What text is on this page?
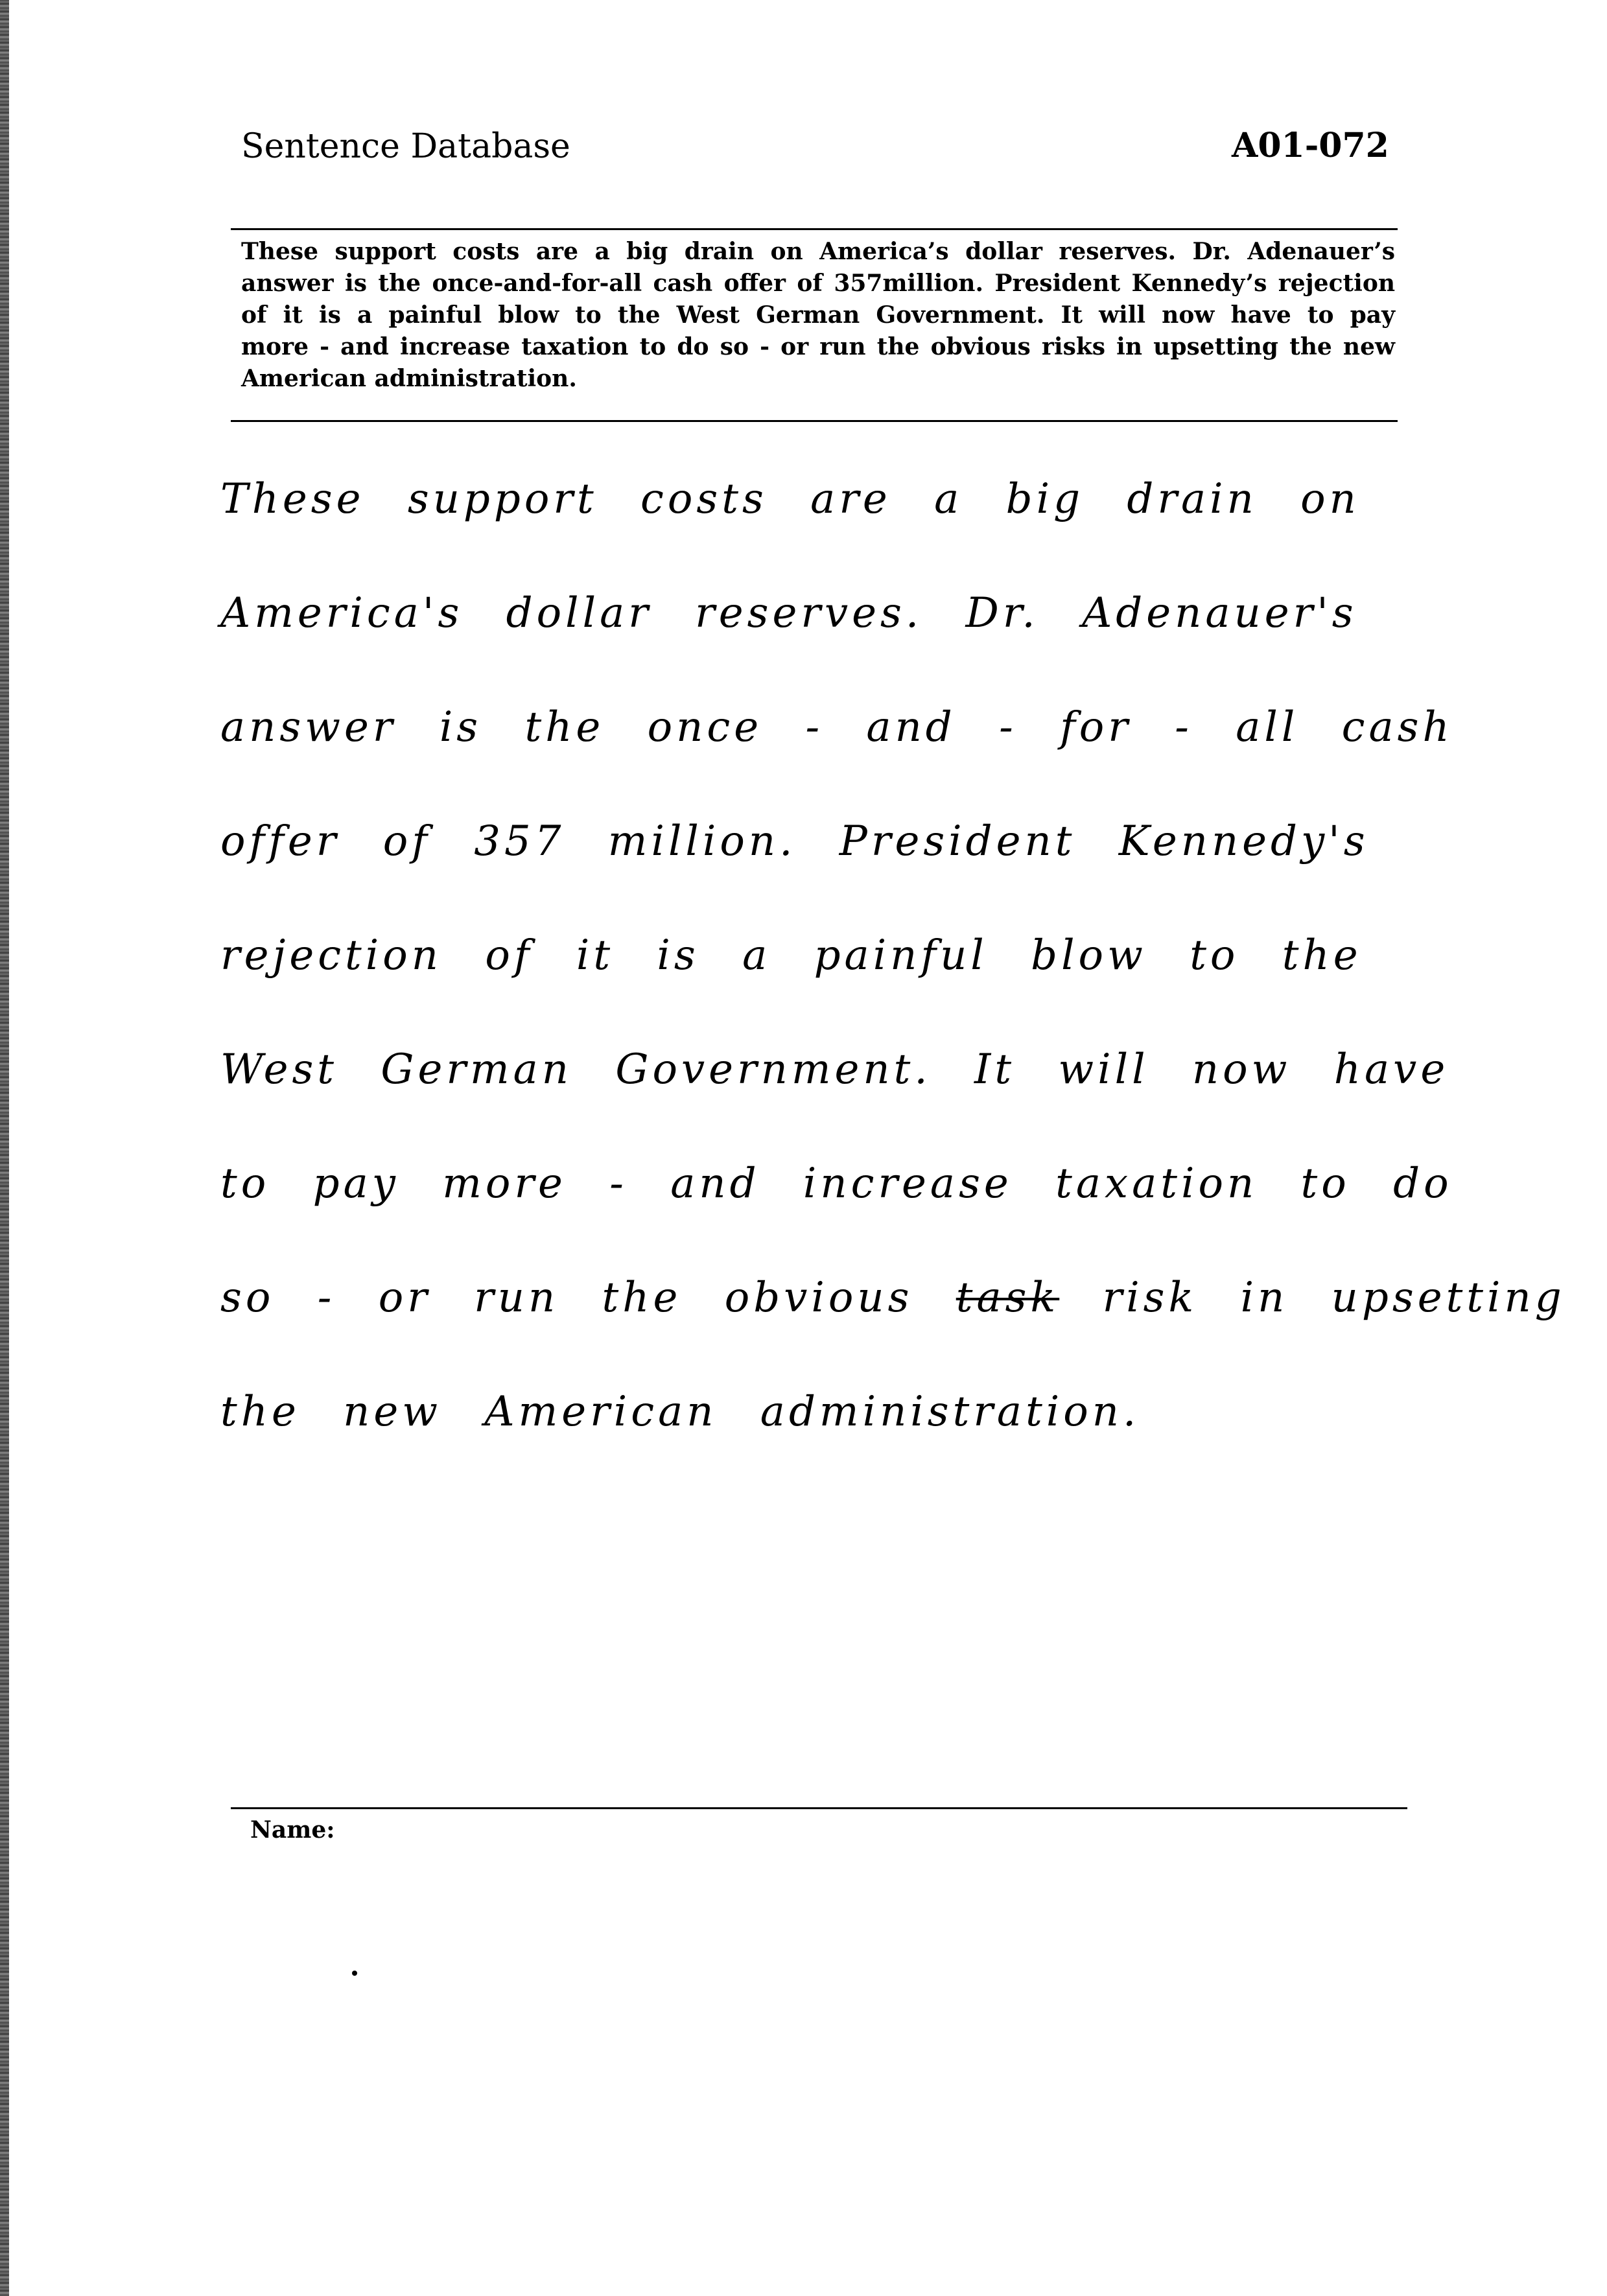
Sentence Database	A01-072
These support costs are a big drain on America’s dollar reserves. Dr. Adenauer’s
answer is the once-and-for-all cash offer of 357million. President Kennedy’s rejection
of it is a painful blow to the West German Government. It will now have to pay
more - and increase taxation to do so - or run the obvious risks in upsetting the new
American administration.
These support costs are a big drain on
America's dollar reserves. Dr. Adenauer's
answer is the once - and - for - all cash
offer of 357 million. President Kennedy's
rejection of it is a painful blow to the
West German Government. It will now have
to pay more - and increase taxation to do
so - or run the obvious task risk in upsetting
the new American administration.
Name:
